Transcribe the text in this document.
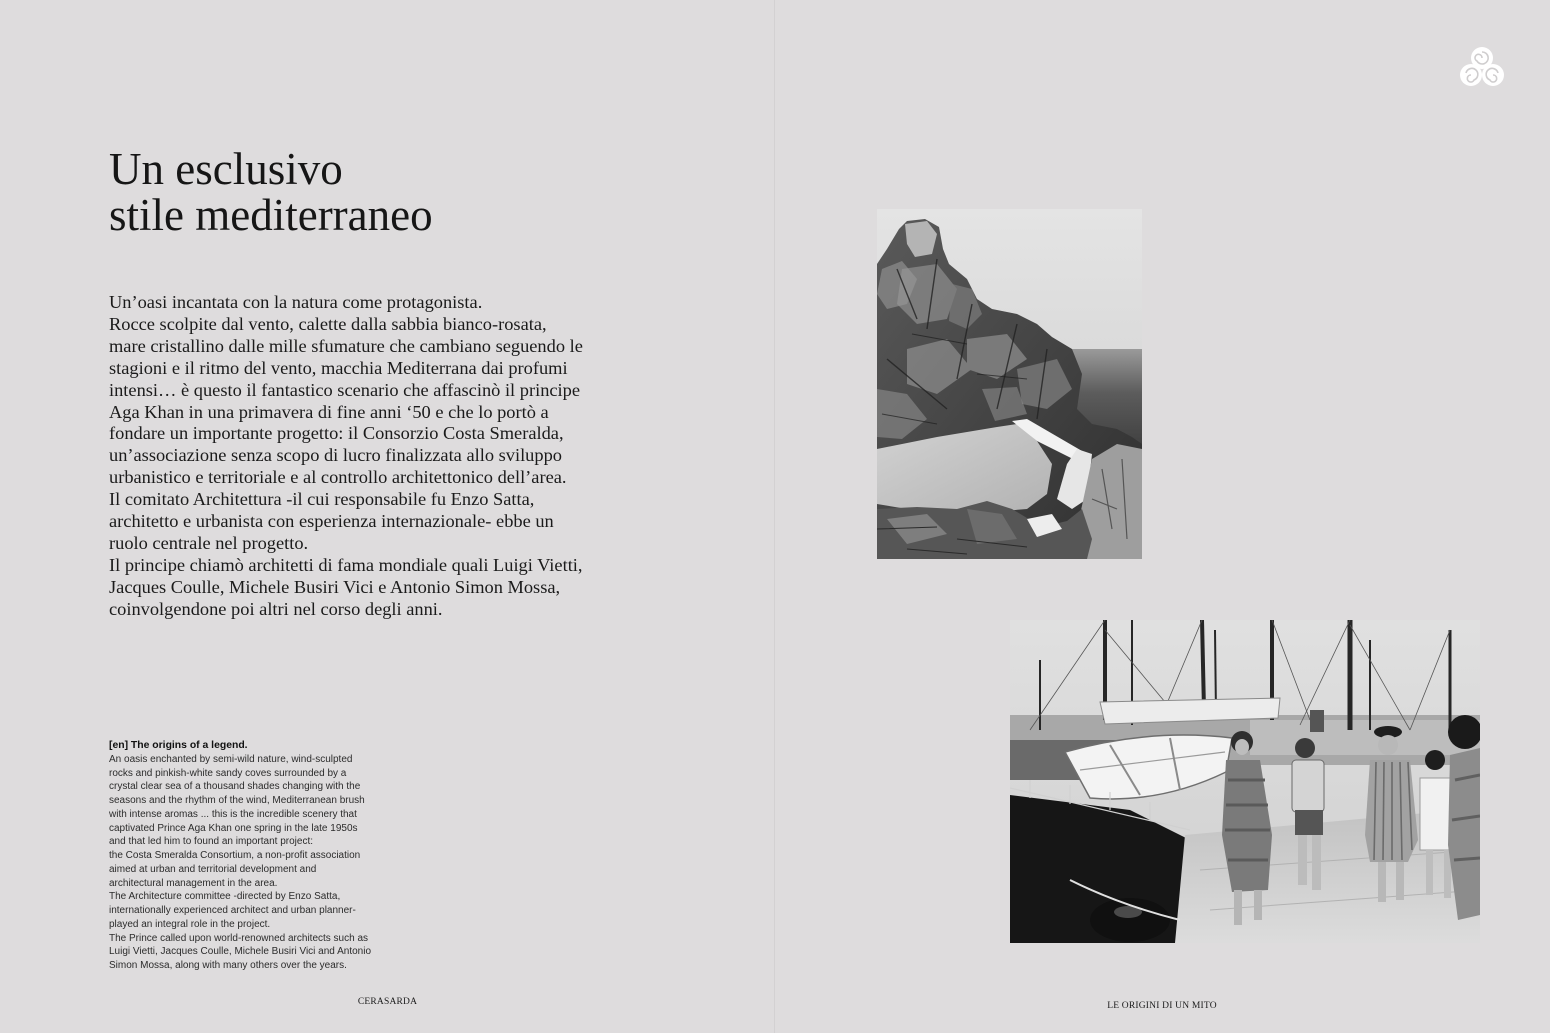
Un esclusivo
stile mediterraneo
Un’oasi incantata con la natura come protagonista.
Rocce scolpite dal vento, calette dalla sabbia bianco-rosata,
mare cristallino dalle mille sfumature che cambiano seguendo le
stagioni e il ritmo del vento, macchia Mediterrana dai profumi
intensi… è questo il fantastico scenario che affascinò il principe
Aga Khan in una primavera di fine anni ‘50 e che lo portò a
fondare un importante progetto: il Consorzio Costa Smeralda,
un’associazione senza scopo di lucro finalizzata allo sviluppo
urbanistico e territoriale e al controllo architettonico dell’area.
Il comitato Architettura -il cui responsabile fu Enzo Satta,
architetto e urbanista con esperienza internazionale- ebbe un
ruolo centrale nel progetto.
Il principe chiamò architetti di fama mondiale quali Luigi Vietti,
Jacques Coulle, Michele Busiri Vici e Antonio Simon Mossa,
coinvolgendone poi altri nel corso degli anni.
[en] The origins of a legend.
An oasis enchanted by semi-wild nature, wind-sculpted
rocks and pinkish-white sandy coves surrounded by a
crystal clear sea of a thousand shades changing with the
seasons and the rhythm of the wind, Mediterranean brush
with intense aromas ... this is the incredible scenery that
captivated Prince Aga Khan one spring in the late 1950s
and that led him to found an important project:
the Costa Smeralda Consortium, a non-profit association
aimed at urban and territorial development and
architectural management in the area.
The Architecture committee -directed by Enzo Satta,
internationally experienced architect and urban planner-
played an integral role in the project.
The Prince called upon world-renowned architects such as
Luigi Vietti, Jacques Coulle, Michele Busiri Vici and Antonio
Simon Mossa, along with many others over the years.
CERASARDA	LE ORIGINI DI UN MITO
